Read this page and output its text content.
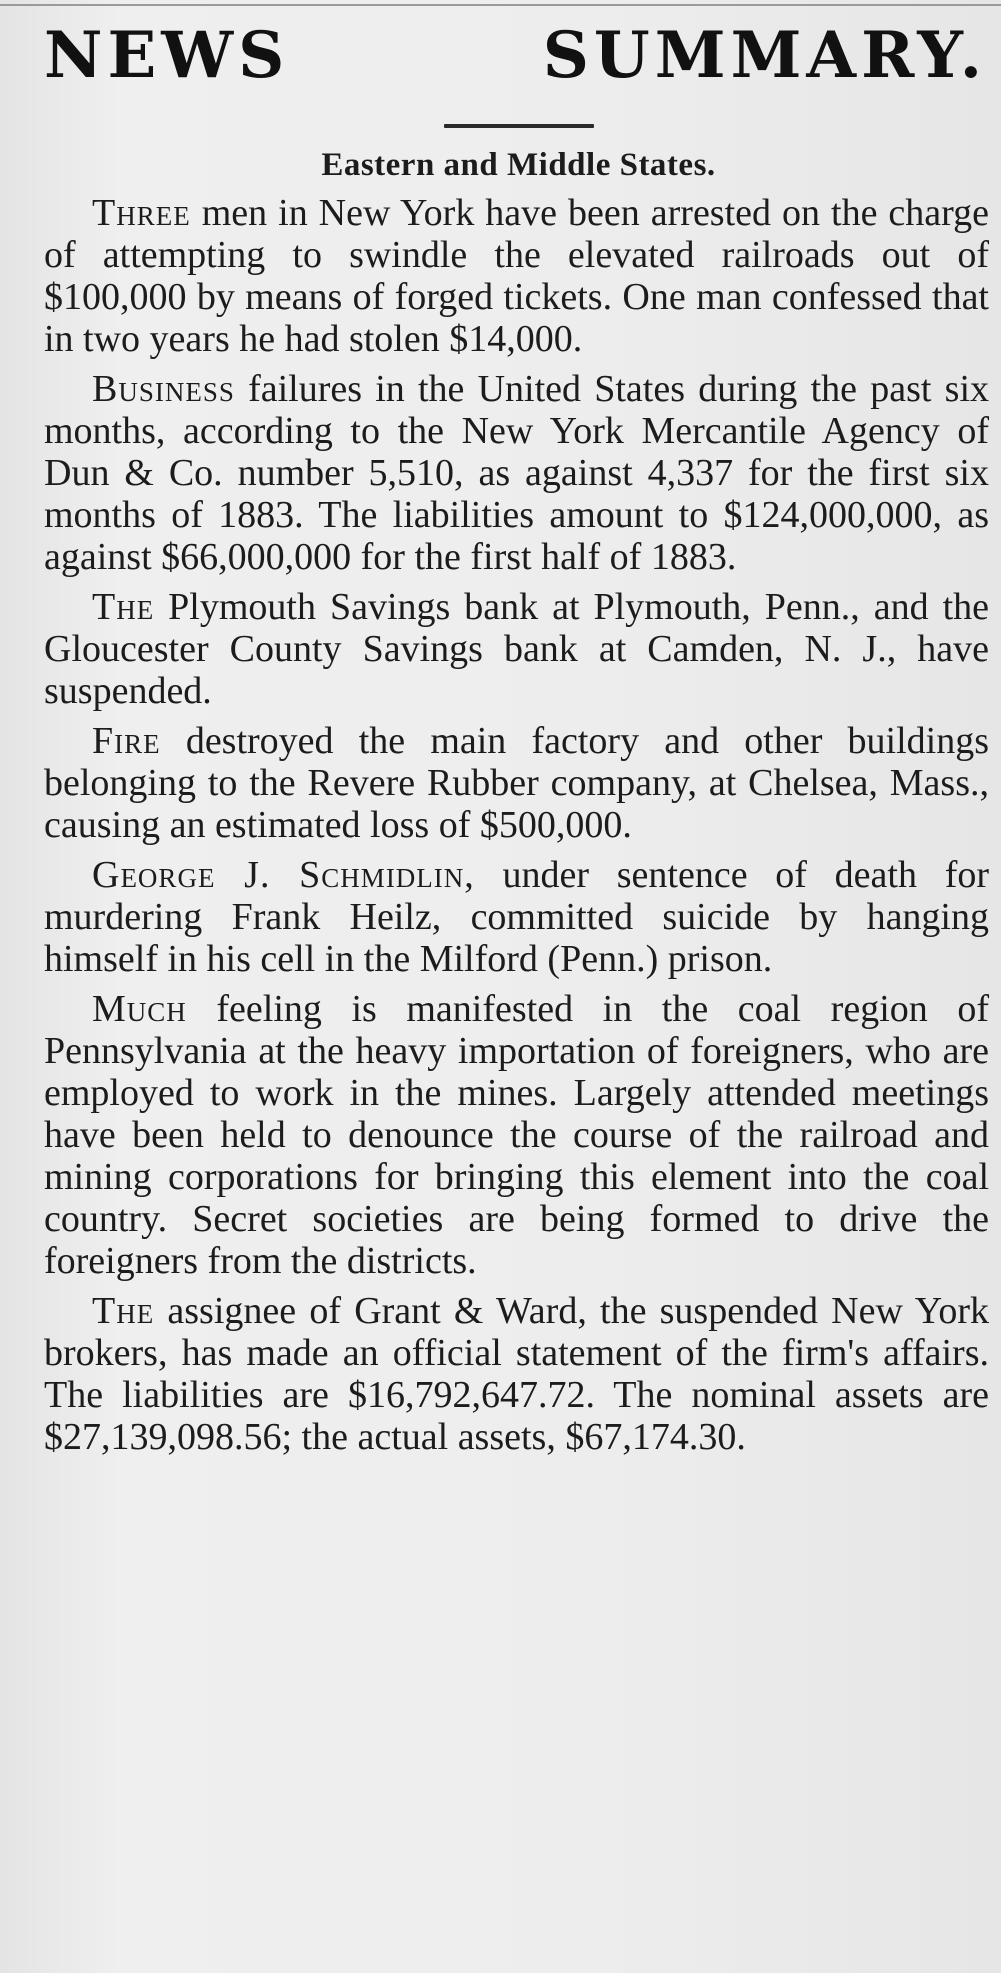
NEWS	SUMMARY.
Eastern and Middle States.

Three men in New York have been arrested on the charge of attempting to swindle the elevated railroads out of $100,000 by means of forged tickets. One man confessed that in two years he had stolen $14,000.

Business failures in the United States during the past six months, according to the New York Mercantile Agency of Dun & Co. number 5,510, as against 4,337 for the first six months of 1883. The liabilities amount to $124,000,000, as against $66,000,000 for the first half of 1883.

The Plymouth Savings bank at Plymouth, Penn., and the Gloucester County Savings bank at Camden, N. J., have suspended.

Fire destroyed the main factory and other buildings belonging to the Revere Rubber company, at Chelsea, Mass., causing an estimated loss of $500,000.

George J. Schmidlin, under sentence of death for murdering Frank Heilz, committed suicide by hanging himself in his cell in the Milford (Penn.) prison.

Much feeling is manifested in the coal region of Pennsylvania at the heavy importation of foreigners, who are employed to work in the mines. Largely attended meetings have been held to denounce the course of the railroad and mining corporations for bringing this element into the coal country. Secret societies are being formed to drive the foreigners from the districts.

The assignee of Grant & Ward, the suspended New York brokers, has made an official statement of the firm's affairs. The liabilities are $16,792,647.72. The nominal assets are $27,139,098.56; the actual assets, $67,174.30.
